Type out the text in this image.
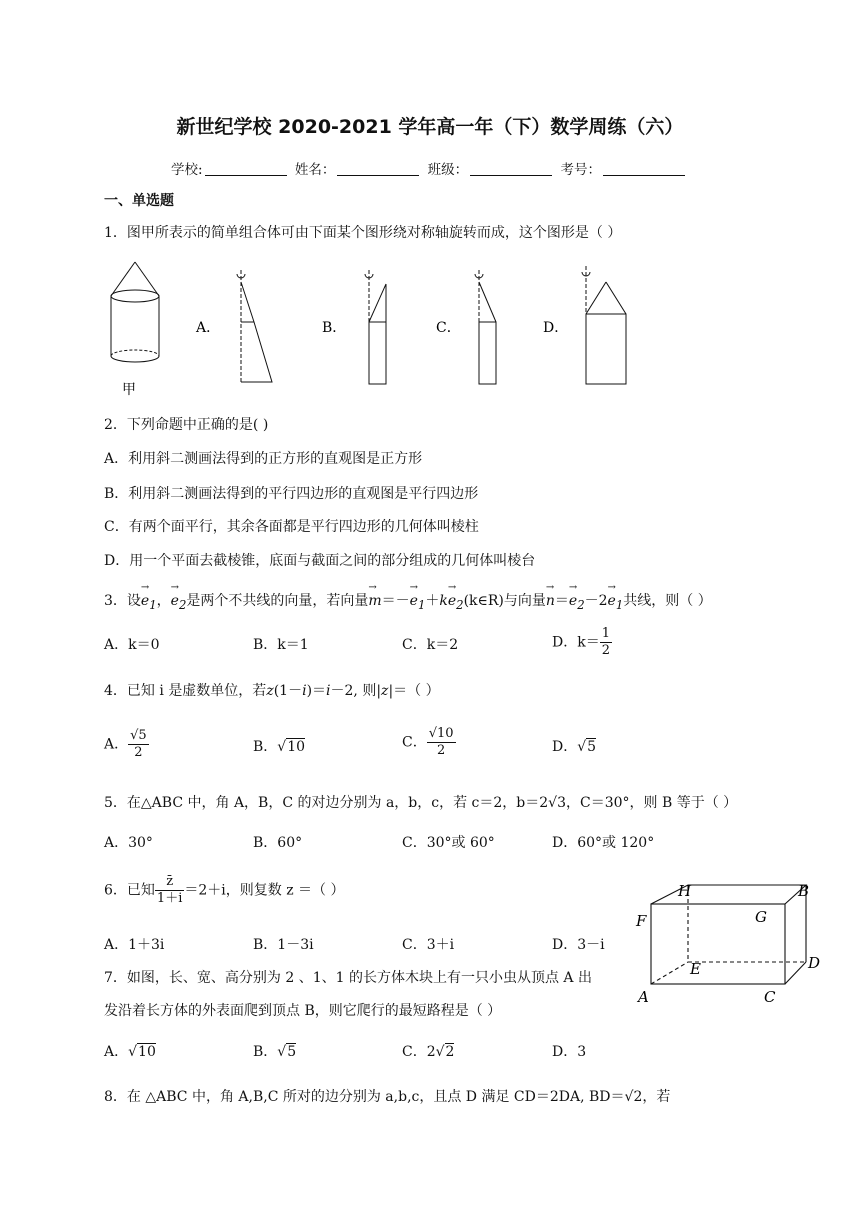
新世纪学校 2020-2021 学年高一年（下）数学周练（六）
学校:	姓名：	班级：	考号：
一、单选题
1．图甲所表示的简单组合体可由下面某个图形绕对称轴旋转而成，这个图形是（ ）
甲
A．	B．	C．	D．
2．下列命题中正确的是( )
A．利用斜二测画法得到的正方形的直观图是正方形
B．利用斜二测画法得到的平行四边形的直观图是平行四边形
C．有两个面平行，其余各面都是平行四边形的几何体叫棱柱
D．用一个平面去截棱锥，底面与截面之间的部分组成的几何体叫棱台
3．设→ $e_1$，→ $e_2$是两个不共线的向量，若向量→ $m=-\to e_1+k\to$ $e_2(k\in R)$与向量→ $n=\to e_2-2\to e_1$共线，则（ ）
A．k＝0	B．k＝1	C．k＝2	D．$k= \frac{1}{2}$
4．已知 i 是虚数单位，若z(1－i)＝i－2, 则|z|＝（ ）
A． $\frac{√5}{2}$	B．√10	C． $\frac{√10}{2}$	D．√5
5．在△ABC 中，角 A，B，C 的对边分别为 a，b，c，若 c＝2，b＝2√3，C＝30°，则 B 等于（ ）
A．30°	B．60°	C．30°或 60°	D．60°或 120°
6．已知 $\frac{z̄}{1+i} =2+i$，则复数 z ＝（ ）
A．1＋3i	B．1－3i	C．3＋i	D．3－i
H	B
F	G
D
E
A	C
7．如图，长、宽、高分别为 2 、1、1 的长方体木块上有一只小虫从顶点 A 出
发沿着长方体的外表面爬到顶点 B，则它爬行的最短路程是（ ）
A．√10	B．√5	C．2√2	D．3
8．在 △ABC 中，角 A,B,C 所对的边分别为 a,b,c，且点 D 满足 CD＝2DA, BD＝√2，若
